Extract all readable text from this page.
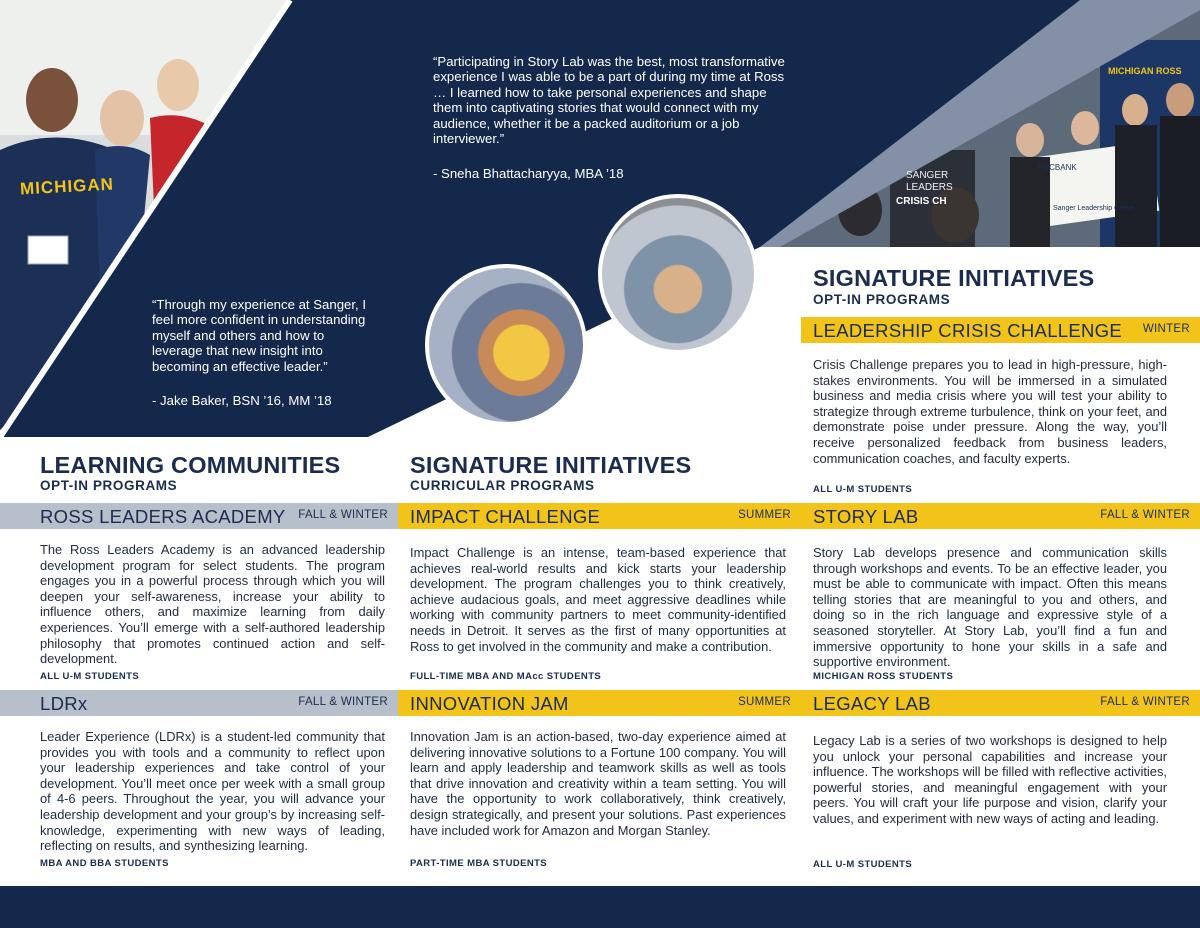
MICHIGAN
MICHIGAN ROSS
SANGER LEADERS
CRISIS CH
PNCBANK
Sanger Leadership Center

“Participating in Story Lab was the best, most transformative experience I was able to be a part of during my time at Ross … I learned how to take personal experiences and shape them into captivating stories that would connect with my audience, whether it be a packed auditorium or a job interviewer.”

- Sneha Bhattacharyya, MBA ’18

“Through my experience at Sanger, I feel more confident in understanding myself and others and how to leverage that new insight into becoming an effective leader.”

- Jake Baker, BSN ’16, MM ’18

SIGNATURE INITIATIVES
OPT-IN PROGRAMS
LEADERSHIP CRISIS CHALLENGE WINTER

Crisis Challenge prepares you to lead in high-pressure, high-stakes environments. You will be immersed in a simulated business and media crisis where you will test your ability to strategize through extreme turbulence, think on your feet, and demonstrate poise under pressure. Along the way, you’ll receive personalized feedback from business leaders, communication coaches, and faculty experts.

ALL U-M STUDENTS

LEARNING COMMUNITIES
OPT-IN PROGRAMS
ROSS LEADERS ACADEMY FALL & WINTER

The Ross Leaders Academy is an advanced leadership development program for select students. The program engages you in a powerful process through which you will deepen your self-awareness, increase your ability to influence others, and maximize learning from daily experiences. You’ll emerge with a self-authored leadership philosophy that promotes continued action and self-development.

ALL U-M STUDENTS

LDRx	FALL & WINTER

Leader Experience (LDRx) is a student-led community that provides you with tools and a community to reflect upon your leadership experiences and take control of your development. You’ll meet once per week with a small group of 4-6 peers. Throughout the year, you will advance your leadership development and your group’s by increasing self-knowledge, experimenting with new ways of leading, reflecting on results, and synthesizing learning.

MBA AND BBA STUDENTS

SIGNATURE INITIATIVES
CURRICULAR PROGRAMS
IMPACT CHALLENGE	SUMMER

Impact Challenge is an intense, team-based experience that achieves real-world results and kick starts your leadership development. The program challenges you to think creatively, achieve audacious goals, and meet aggressive deadlines while working with community partners to meet community-identified needs in Detroit. It serves as the first of many opportunities at Ross to get involved in the community and make a contribution.

FULL-TIME MBA AND MAcc STUDENTS

INNOVATION JAM	SUMMER

Innovation Jam is an action-based, two-day experience aimed at delivering innovative solutions to a Fortune 100 company. You will learn and apply leadership and teamwork skills as well as tools that drive innovation and creativity within a team setting. You will have the opportunity to work collaboratively, think creatively, design strategically, and present your solutions. Past experiences have included work for Amazon and Morgan Stanley.

PART-TIME MBA STUDENTS

STORY LAB	FALL & WINTER

Story Lab develops presence and communication skills through workshops and events. To be an effective leader, you must be able to communicate with impact. Often this means telling stories that are meaningful to you and others, and doing so in the rich language and expressive style of a seasoned storyteller. At Story Lab, you’ll find a fun and immersive opportunity to hone your skills in a safe and supportive environment.

MICHIGAN ROSS STUDENTS

LEGACY LAB	FALL & WINTER

Legacy Lab is a series of two workshops is designed to help you unlock your personal capabilities and increase your influence. The workshops will be filled with reflective activities, powerful stories, and meaningful engagement with your peers. You will craft your life purpose and vision, clarify your values, and experiment with new ways of acting and leading.

ALL U-M STUDENTS
